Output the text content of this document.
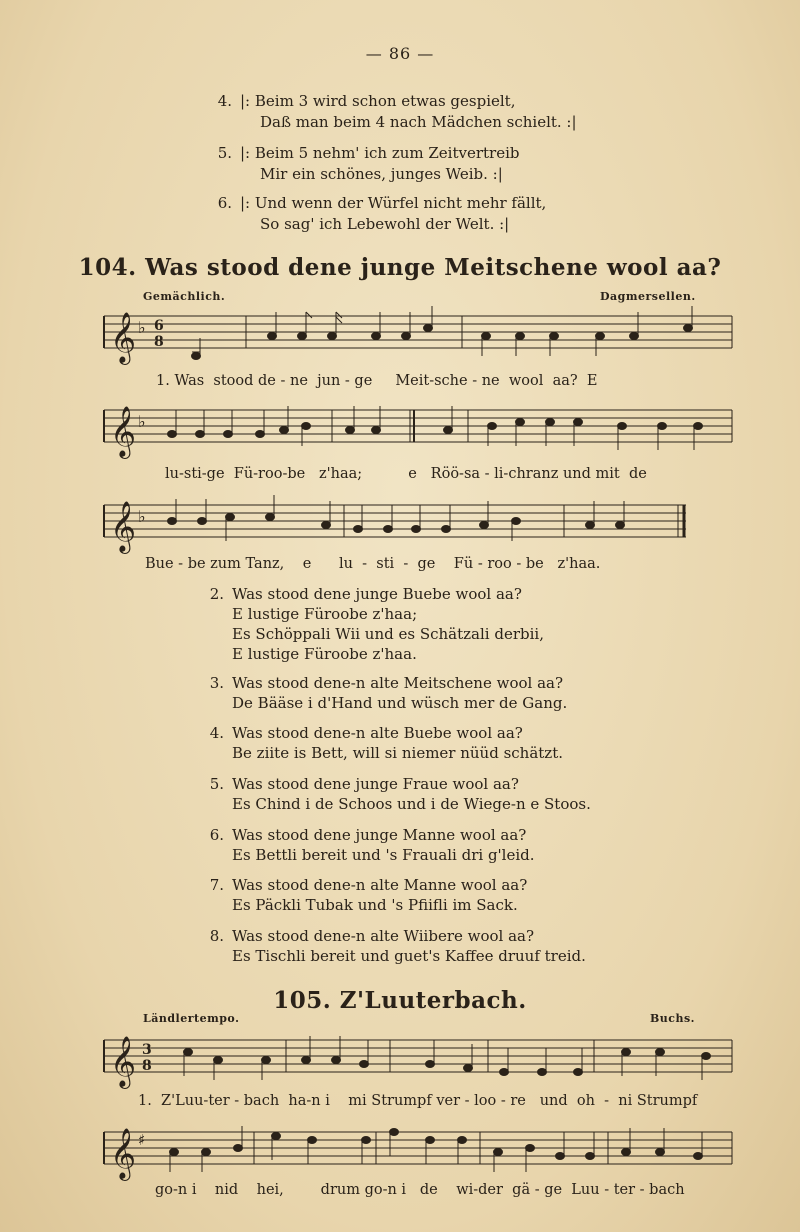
— 86 —
4. |: Beim 3 wird schon etwas gespielt,
Daß man beim 4 nach Mädchen schielt. :|
5. |: Beim 5 nehm' ich zum Zeitvertreib
Mir ein schönes, junges Weib. :|
6. |: Und wenn der Würfel nicht mehr fällt,
So sag' ich Lebewohl der Welt. :|
104. Was stood dene junge Meitschene wool aa?
Gemächlich.	Dagmersellen.
𝄞 ♭ 6
8
1. Was  stood de - ne  jun - ge     Meit-sche - ne  wool  aa?  E
𝄞 ♭
lu-sti-ge  Fü-roo-be   z'haa;          e   Röö-sa - li-chranz und mit  de
𝄞 ♭
Bue - be zum Tanz,    e      lu  -  sti  -  ge    Fü - roo - be   z'haa.
2. Was stood dene junge Buebe wool aa?
E lustige Füroobe z'haa;
Es Schöppali Wii und es Schätzali derbii,
E lustige Füroobe z'haa.
3. Was stood dene-n alte Meitschene wool aa?
De Bääse i d'Hand und wüsch mer de Gang.
4. Was stood dene-n alte Buebe wool aa?
Be ziite is Bett, will si niemer nüüd schätzt.
5. Was stood dene junge Fraue wool aa?
Es Chind i de Schoos und i de Wiege-n e Stoos.
6. Was stood dene junge Manne wool aa?
Es Bettli bereit und 's Frauali dri g'leid.
7. Was stood dene-n alte Manne wool aa?
Es Päckli Tubak und 's Pfiifli im Sack.
8. Was stood dene-n alte Wiibere wool aa?
Es Tischli bereit und guet's Kaffee druuf treid.
105. Z'Luuterbach.
Ländlertempo.	Buchs.
𝄞 3
8
1.  Z'Luu-ter - bach  ha-n i    mi Strumpf ver - loo - re   und  oh  -  ni Strumpf
𝄞 ♯
go-n i    nid    hei,        drum go-n i   de    wi-der  gä - ge  Luu - ter - bach
